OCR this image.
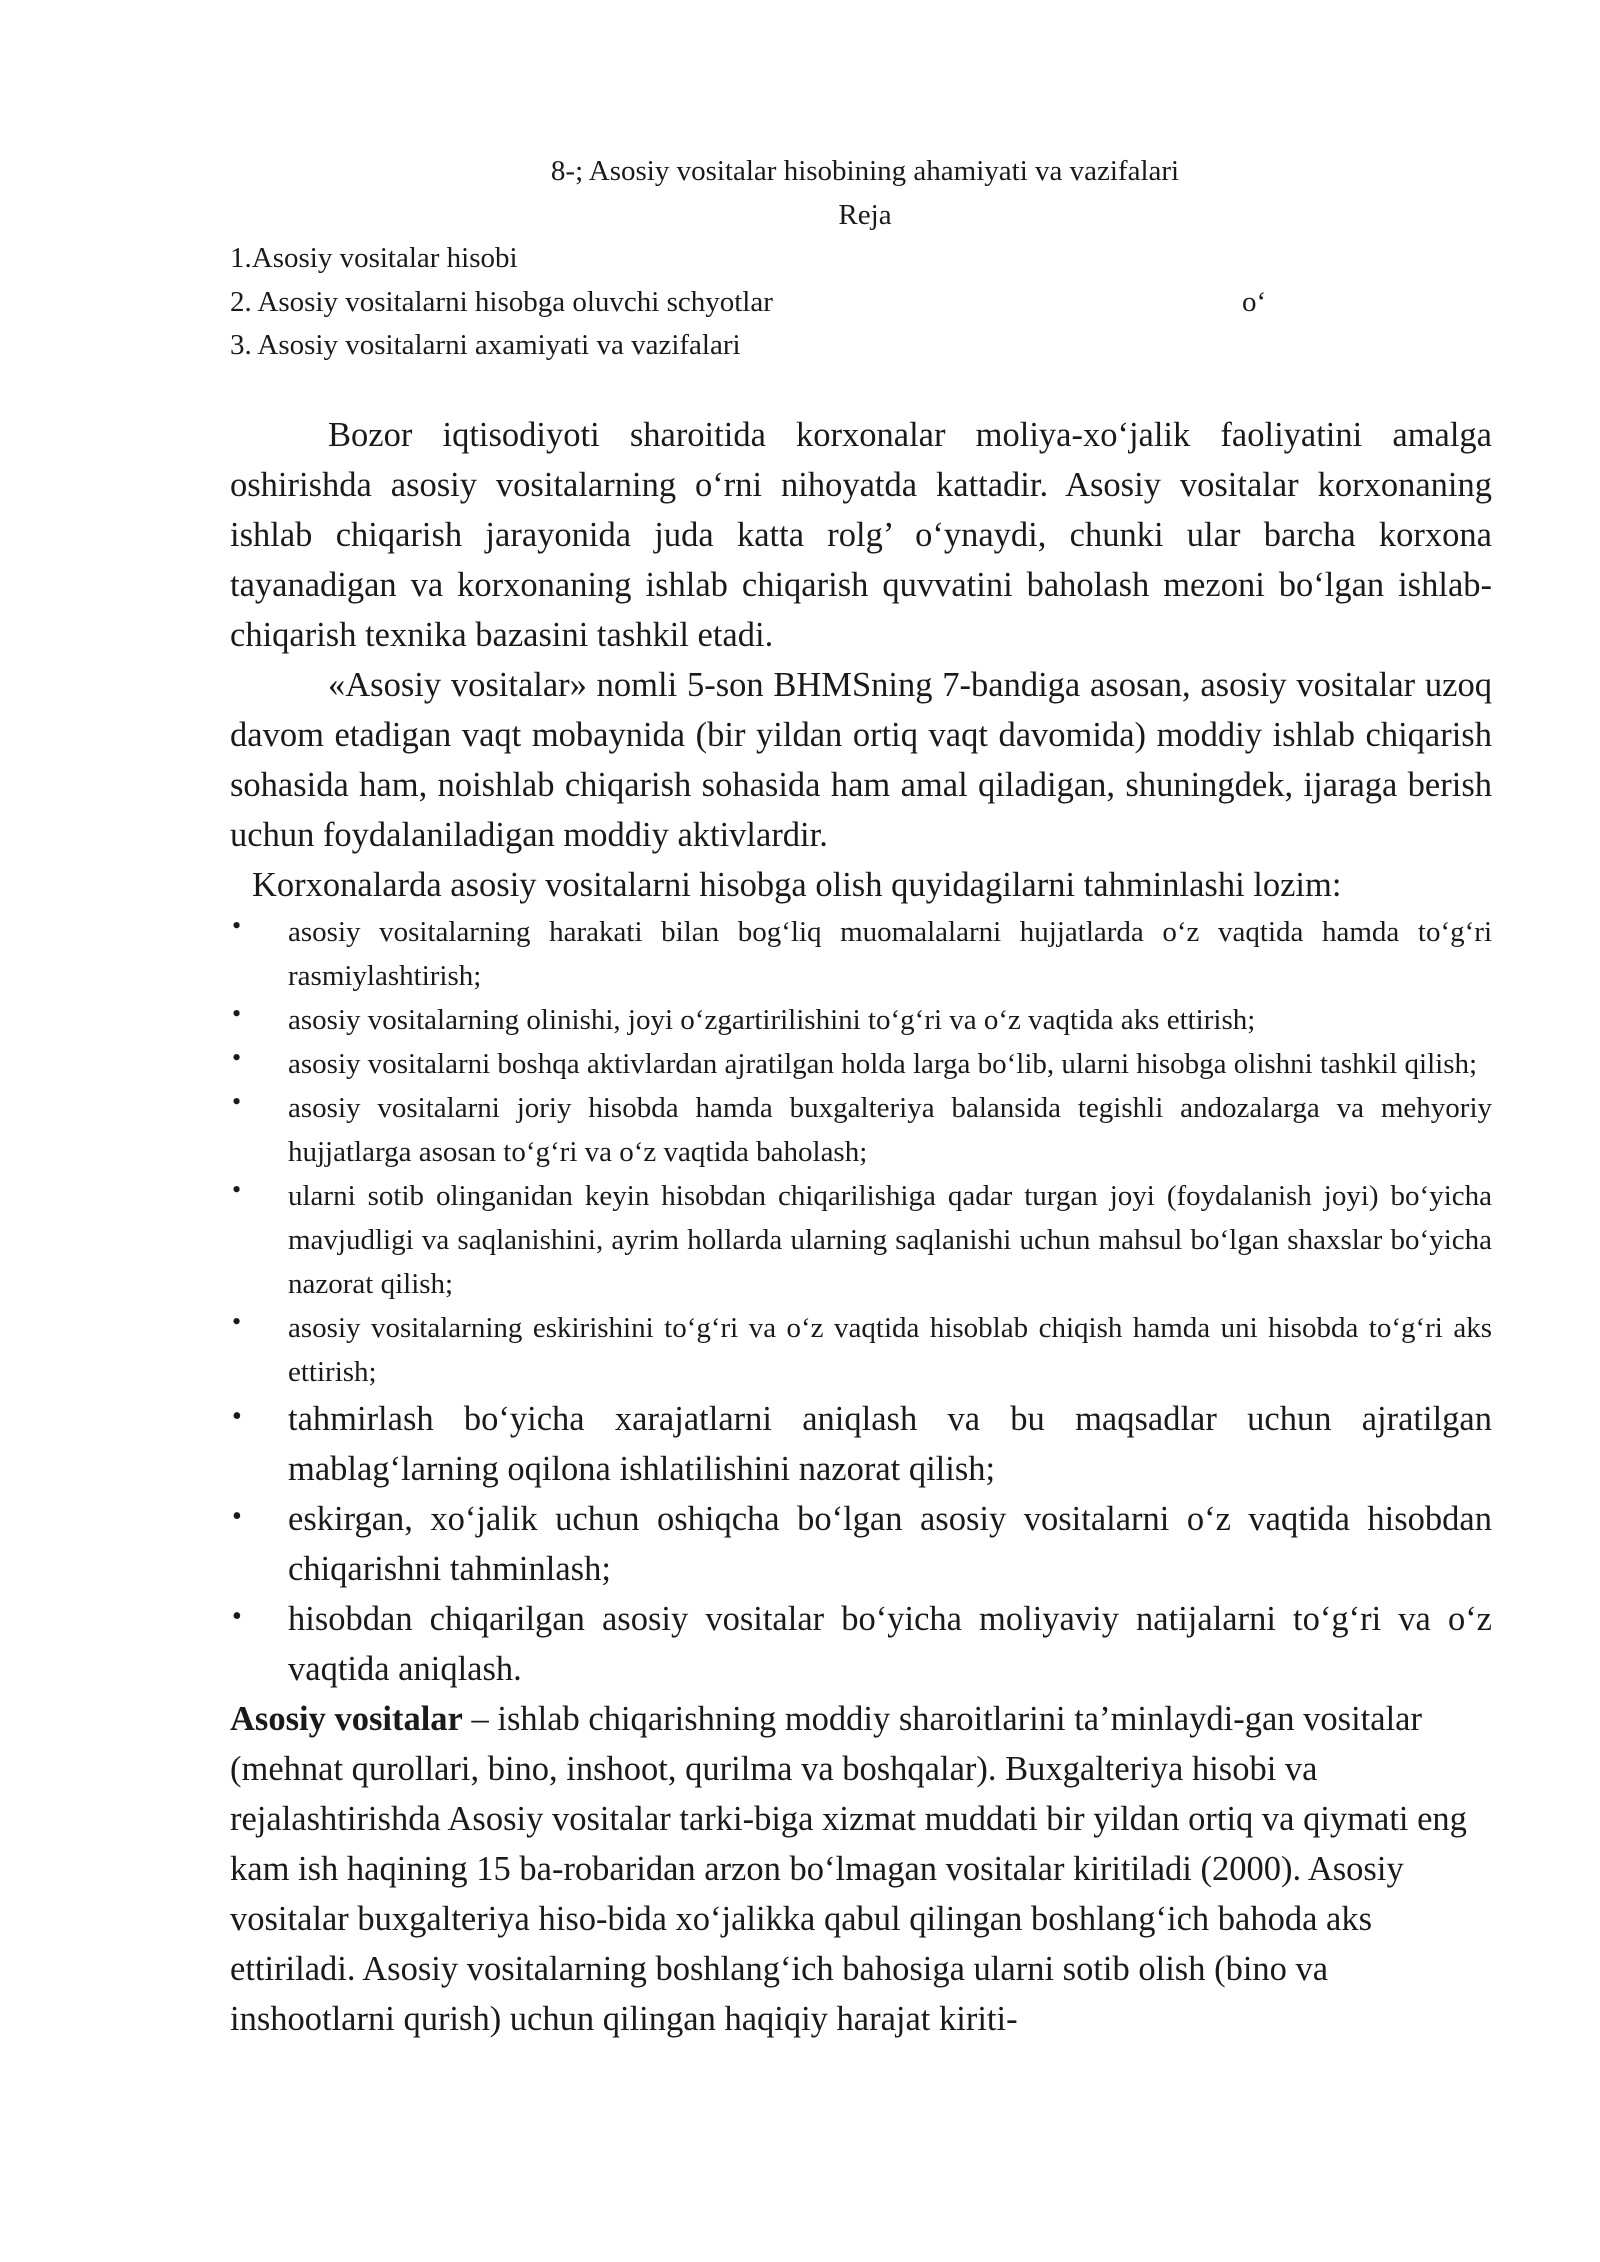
8-; Asosiy vositalar hisobining ahamiyati va vazifalari
Reja
1.Asosiy vositalar hisobi
2. Asosiy vositalarni hisobga oluvchi schyotlar
3. Asosiy vositalarni axamiyati va vazifalari
o‘

Bozor iqtisodiyoti sharoitida korxonalar moliya-xo‘jalik faoliyatini amalga oshirishda asosiy vositalarning o‘rni nihoyatda kattadir. Asosiy vositalar korxonaning ishlab chiqarish jarayonida juda katta rolg’ o‘ynaydi, chunki ular barcha korxona tayanadigan va korxonaning ishlab chiqarish quvvatini baholash mezoni bo‘lgan ishlab-chiqarish texnika bazasini tashkil etadi.

«Asosiy vositalar» nomli 5-son BHMSning 7-bandiga asosan, asosiy vositalar uzoq davom etadigan vaqt mobaynida (bir yildan ortiq vaqt davomida) moddiy ishlab chiqarish sohasida ham, noishlab chiqarish sohasida ham amal qiladigan, shuningdek, ijaraga berish uchun foydalaniladigan moddiy aktivlardir.

Korxonalarda asosiy vositalarni hisobga olish quyidagilarni tahminlashi lozim:

• asosiy vositalarning harakati bilan bog‘liq muomalalarni hujjatlarda o‘z vaqtida hamda to‘g‘ri rasmiylashtirish;
• asosiy vositalarning olinishi, joyi o‘zgartirilishini to‘g‘ri va o‘z vaqtida aks ettirish;
• asosiy vositalarni boshqa aktivlardan ajratilgan holda larga bo‘lib, ularni hisobga olishni tashkil qilish;
• asosiy vositalarni joriy hisobda hamda buxgalteriya balansida tegishli andozalarga va mehyoriy hujjatlarga asosan to‘g‘ri va o‘z vaqtida baholash;
• ularni sotib olinganidan keyin hisobdan chiqarilishiga qadar turgan joyi (foydalanish joyi) bo‘yicha mavjudligi va saqlanishini, ayrim hollarda ularning saqlanishi uchun mahsul bo‘lgan shaxslar bo‘yicha nazorat qilish;
• asosiy vositalarning eskirishini to‘g‘ri va o‘z vaqtida hisoblab chiqish hamda uni hisobda to‘g‘ri aks ettirish;
• tahmirlash bo‘yicha xarajatlarni aniqlash va bu maqsadlar uchun ajratilgan mablag‘larning oqilona ishlatilishini nazorat qilish;
• eskirgan, xo‘jalik uchun oshiqcha bo‘lgan asosiy vositalarni o‘z vaqtida hisobdan chiqarishni tahminlash;
• hisobdan chiqarilgan asosiy vositalar bo‘yicha moliyaviy natijalarni to‘g‘ri va o‘z vaqtida aniqlash.

Asosiy vositalar – ishlab chiqarishning moddiy sharoitlarini ta’minlaydi-gan vositalar (mehnat qurollari, bino, inshoot, qurilma va boshqalar). Buxgalteriya hisobi va rejalashtirishda Asosiy vositalar tarki-biga xizmat muddati bir yildan ortiq va qiymati eng kam ish haqining 15 ba-robaridan arzon bo‘lmagan vositalar kiritiladi (2000). Asosiy vositalar buxgalteriya hiso-bida xo‘jalikka qabul qilingan boshlang‘ich bahoda aks ettiriladi. Asosiy vositalarning boshlang‘ich bahosiga ularni sotib olish (bino va inshootlarni qurish) uchun qilingan haqiqiy harajat kiriti-
